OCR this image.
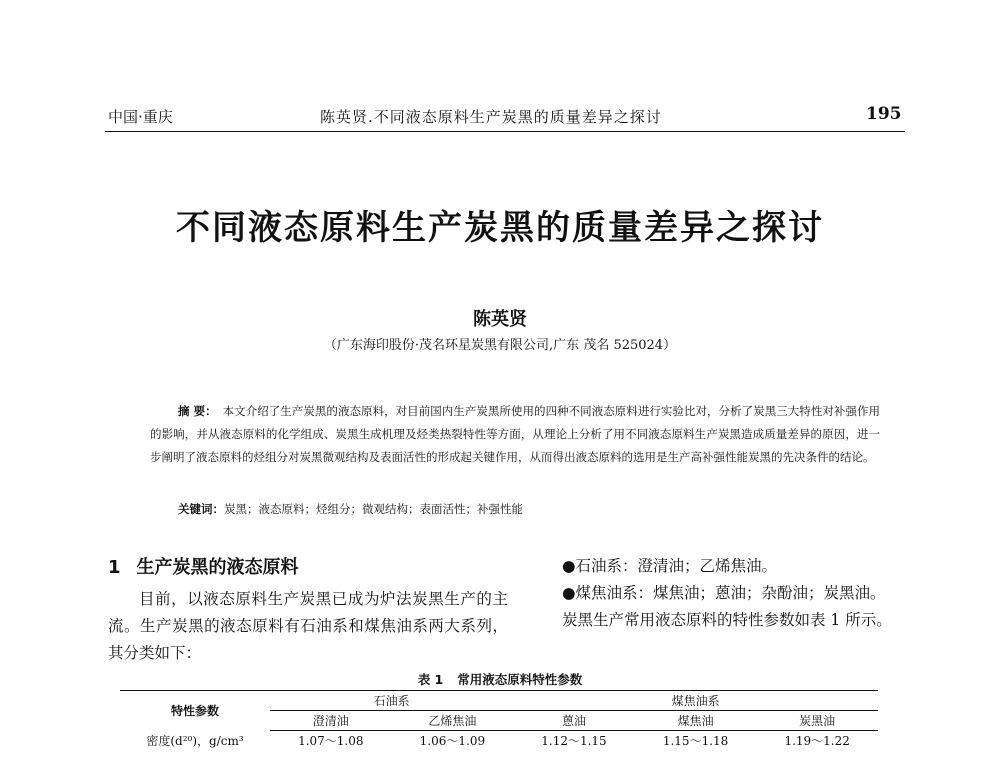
中国·重庆	陈英贤.不同液态原料生产炭黑的质量差异之探讨	195
不同液态原料生产炭黑的质量差异之探讨
陈英贤
（广东海印股份·茂名环星炭黑有限公司,广东 茂名 525024）
摘 要： 本文介绍了生产炭黑的液态原料，对目前国内生产炭黑所使用的四种不同液态原料进行实验比对，分析了炭黑三大特性对补强作用的影响，并从液态原料的化学组成、炭黑生成机理及烃类热裂特性等方面，从理论上分析了用不同液态原料生产炭黑造成质量差异的原因，进一步阐明了液态原料的烃组分对炭黑微观结构及表面活性的形成起关键作用，从而得出液态原料的选用是生产高补强性能炭黑的先决条件的结论。
关键词：炭黑；液态原料；烃组分；微观结构；表面活性；补强性能
1 生产炭黑的液态原料

目前，以液态原料生产炭黑已成为炉法炭黑生产的主流。生产炭黑的液态原料有石油系和煤焦油系两大系列，其分类如下：

●石油系：澄清油；乙烯焦油。

●煤焦油系：煤焦油；蒽油；杂酚油；炭黑油。

炭黑生产常用液态原料的特性参数如表 1 所示。

表 1 常用液态原料特性参数
特性参数	石油系		煤焦油系		
	澄清油	乙烯焦油	蒽油	煤焦油	炭黑油
密度(d²⁰)，g/cm³	1.07～1.08	1.06～1.09	1.12～1.15	1.15～1.18	1.19～1.22
